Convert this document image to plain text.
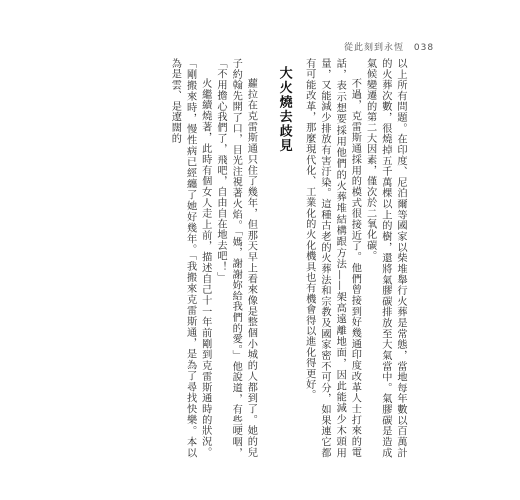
從此刻到永恆 038

以上所有問題。在印度、尼泊爾等國家以柴堆舉行火葬是常態，當地每年數以百萬計的火葬次數，很燒掉五千萬棵以上的樹，還將氣膠碳排放至大氣當中。氣膠碳是造成氣候變遷的第二大因素，僅次於二氧化碳。

不過，克雷斯通採用的模式很接近了。他們曾接到好幾通印度改革人士打來的電話，表示想要採用他們的火葬堆結構跟方法——架高遠離地面，因此能減少木頭用量，又能減少排放有害汙染。這種古老的火葬法和宗教及國家密不可分，如果連它都有可能改革，那麼現代化、工業化的火化機具也有機會得以進化得更好。

大火燒去歧見

蘿拉在克雷斯通只住了幾年，但那天早上看來像是整個小城的人都到了。她的兒子約翰先開了口，目光注視著火焰。「媽，謝謝妳給我們的愛。」他說道，有些哽咽，「不用擔心我們了，飛吧，自由自在地去吧！」

火繼續燒著，此時有個女人走上前，描述自己十一年前剛到克雷斯通時的狀況。「剛搬來時，慢性病已經纏了她好幾年。「我搬來克雷斯通，是為了尋找快樂。本以為是雲、是遼闊的
